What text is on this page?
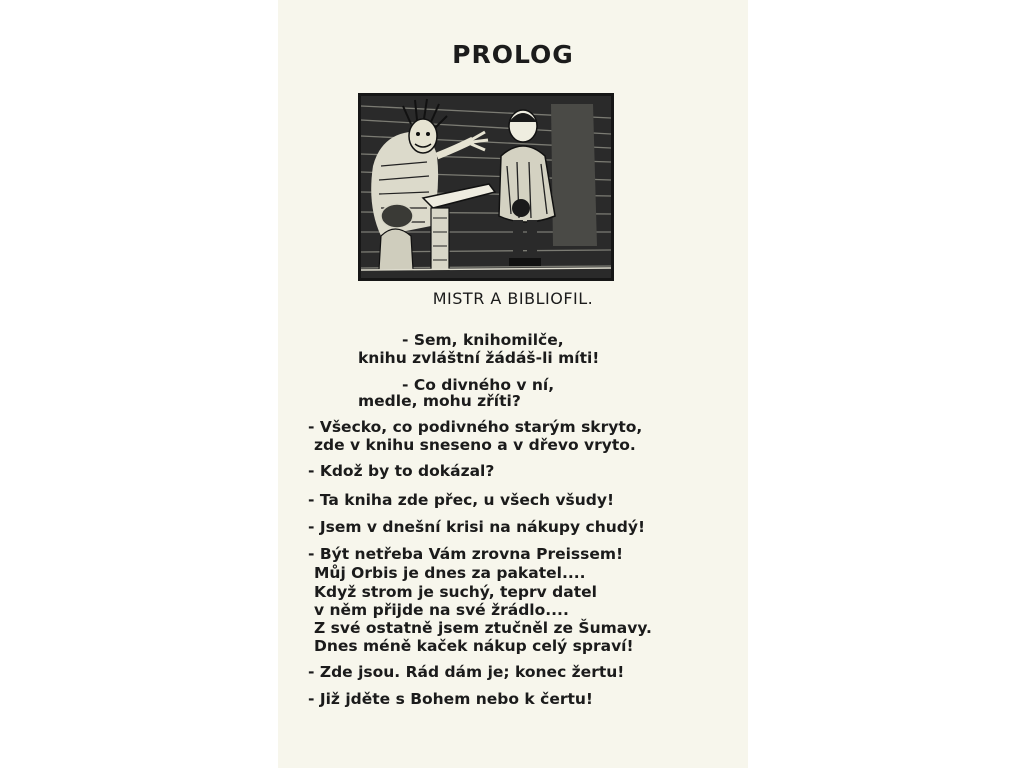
PROLOG
MISTR A BIBLIOFIL.

- Sem, knihomilče,

knihu zvláštní žádáš-li míti!

- Co divného v ní,

medle, mohu zříti?

- Všecko, co podivného starým skryto,

zde v knihu sneseno a v dřevo vryto.

- Kdož by to dokázal?

- Ta kniha zde přec, u všech všudy!

- Jsem v dnešní krisi na nákupy chudý!

- Být netřeba Vám zrovna Preissem!

Můj Orbis je dnes za pakatel....

Když strom je suchý, teprv datel

v něm přijde na své žrádlo....

Z své ostatně jsem ztučněl ze Šumavy.

Dnes méně kaček nákup celý spraví!

- Zde jsou. Rád dám je; konec žertu!

- Již jděte s Bohem nebo k čertu!
